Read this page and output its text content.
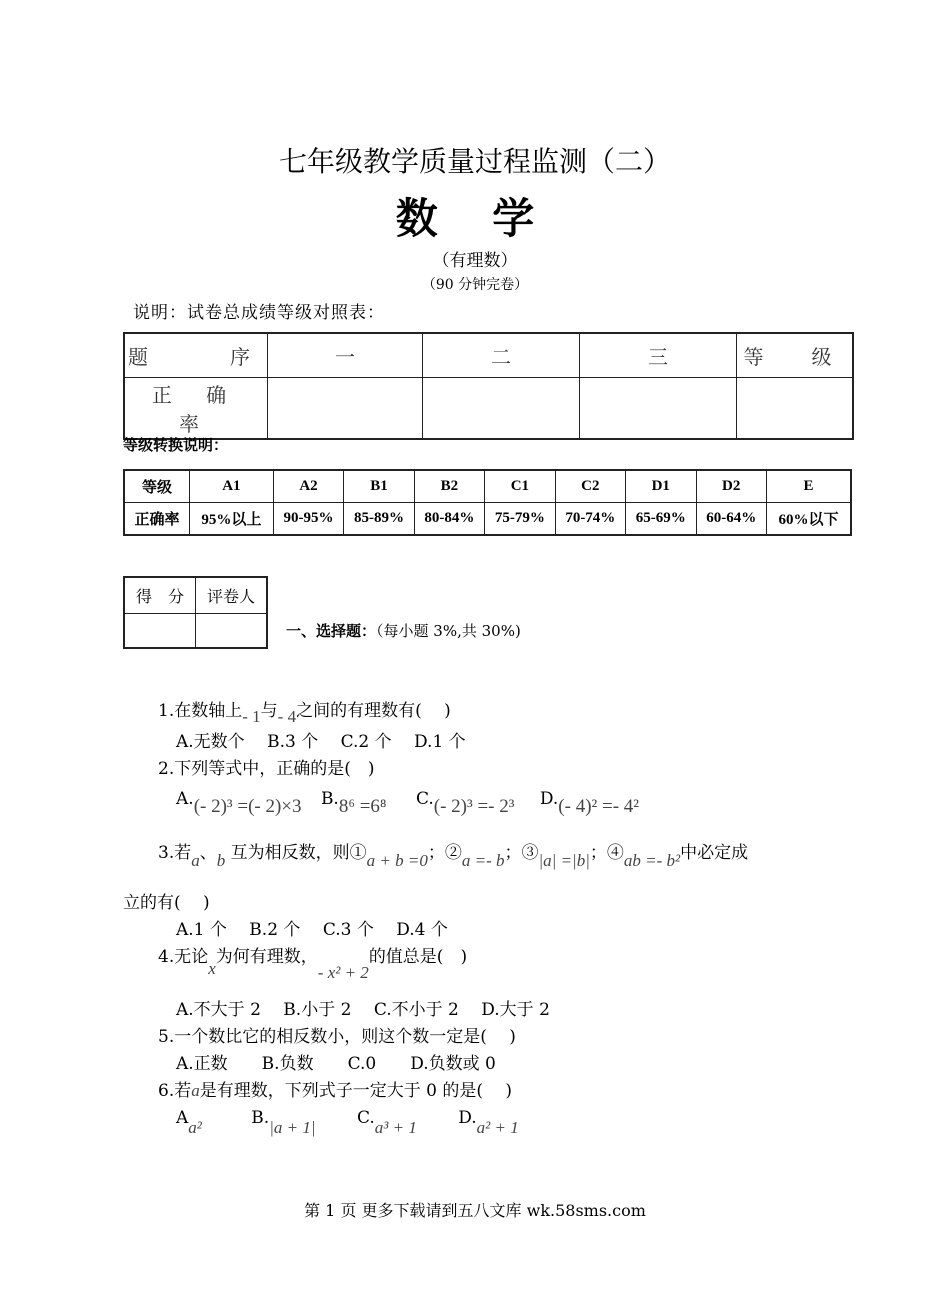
七年级教学质量过程监测（二）
数 学
（有理数）
（90 分钟完卷）
说明：试卷总成绩等级对照表：
题　　序	一	二	三	等　级
正 确 率				
等级转换说明：
等级	A1	A2	B1	B2	C1	C2	D1	D2	E
正确率	95%以上	90-95%	85-89%	80-84%	75-79%	70-74%	65-69%	60-64%	60%以下
得　分	评卷人

一、选择题：（每小题 3%,共 30%)
1.在数轴上- 1与- 4之间的有理数有(　 )
A.无数个　 B.3 个　 C.2 个　 D.1 个
2.下列等式中，正确的是(　)
A.(- 2)³ =(- 2)×3 B.8⁶ =6⁸ C.(- 2)³ =- 2³ D.(- 4)² =- 4²
3.若a、b 互为相反数，则①a + b =0；②a =- b；③|a| =|b|；④ab =- b²中必定成
立的有(　 )
A.1 个　 B.2 个　 C.3 个　 D.4 个
4.无论x为何有理数，- x² + 2的值总是(　)
A.不大于 2　 B.小于 2　 C.不小于 2　 D.大于 2
5.一个数比它的相反数小，则这个数一定是(　 )
A.正数　　B.负数　　C.0　　D.负数或 0
6.若a是有理数，下列式子一定大于 0 的是(　 )
Aa²	B.|a + 1| C.a³ + 1 D.a² + 1
第 1 页 更多下载请到五八文库 wk.58sms.com
